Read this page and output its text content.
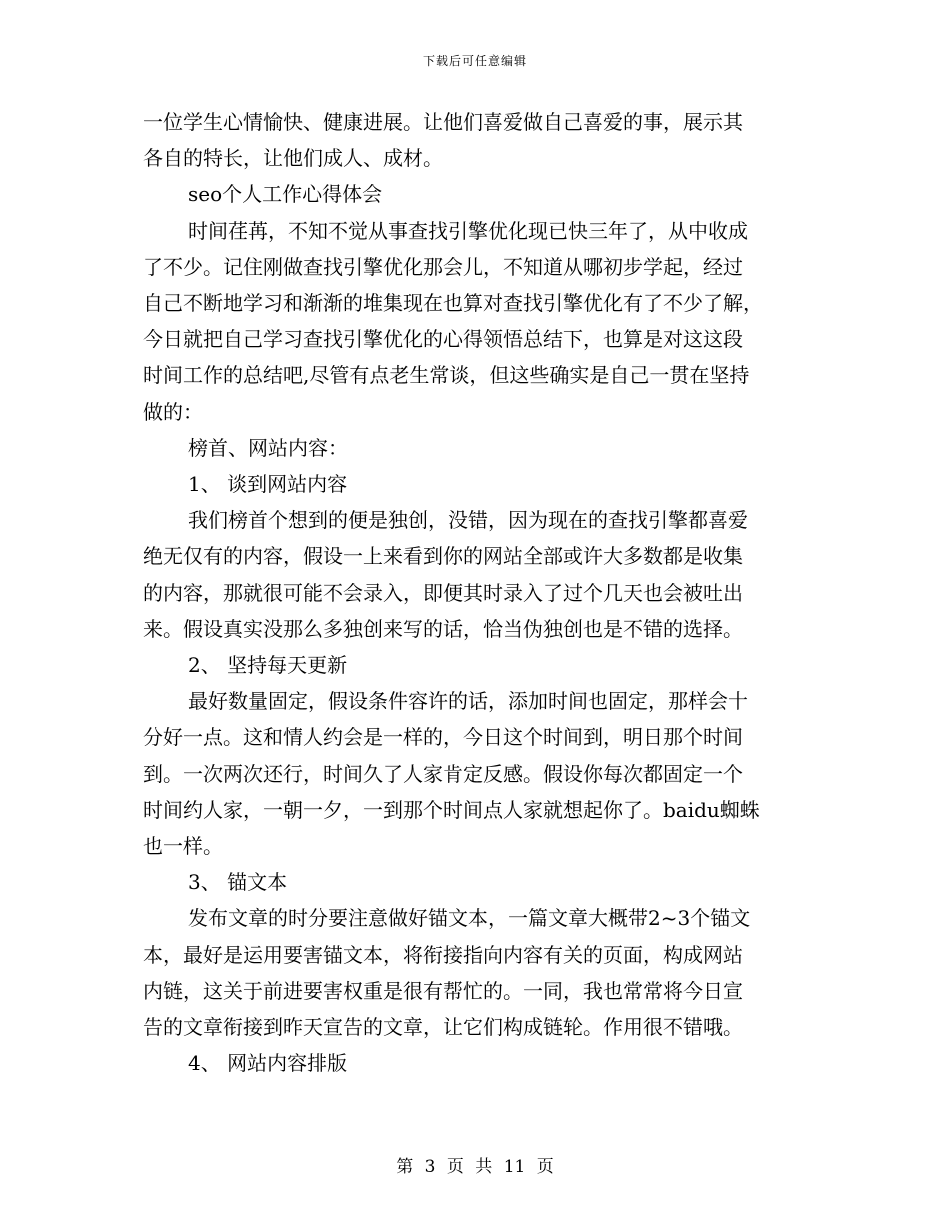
下载后可任意编辑

一位学生心情愉快、健康进展。让他们喜爱做自己喜爱的事，展示其

各自的特长，让他们成人、成材。

seo个人工作心得体会

时间荏苒，不知不觉从事查找引擎优化现已快三年了，从中收成

了不少。记住刚做查找引擎优化那会儿，不知道从哪初步学起，经过

自己不断地学习和渐渐的堆集现在也算对查找引擎优化有了不少了解，

今日就把自己学习查找引擎优化的心得领悟总结下，也算是对这这段

时间工作的总结吧,尽管有点老生常谈，但这些确实是自己一贯在坚持

做的：

榜首、网站内容：

1、 谈到网站内容

我们榜首个想到的便是独创，没错，因为现在的查找引擎都喜爱

绝无仅有的内容，假设一上来看到你的网站全部或许大多数都是收集

的内容，那就很可能不会录入，即便其时录入了过个几天也会被吐出

来。假设真实没那么多独创来写的话，恰当伪独创也是不错的选择。

2、 坚持每天更新

最好数量固定，假设条件容许的话，添加时间也固定，那样会十

分好一点。这和情人约会是一样的，今日这个时间到，明日那个时间

到。一次两次还行，时间久了人家肯定反感。假设你每次都固定一个

时间约人家，一朝一夕，一到那个时间点人家就想起你了。baidu蜘蛛

也一样。

3、 锚文本

发布文章的时分要注意做好锚文本，一篇文章大概带2~3个锚文

本，最好是运用要害锚文本，将衔接指向内容有关的页面，构成网站

内链，这关于前进要害权重是很有帮忙的。一同，我也常常将今日宣

告的文章衔接到昨天宣告的文章，让它们构成链轮。作用很不错哦。

4、 网站内容排版

第 3 页 共 11 页
